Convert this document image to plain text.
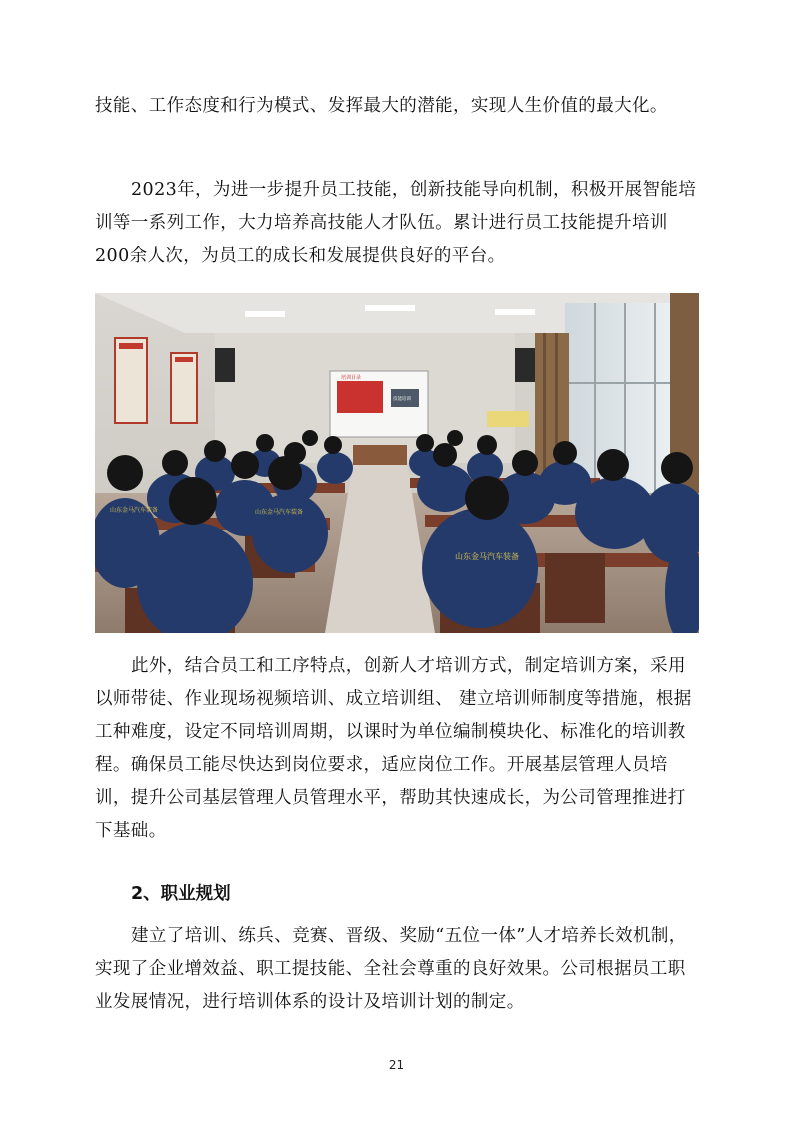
技能、工作态度和行为模式、发挥最大的潜能，实现人生价值的最大化。

2023年，为进一步提升员工技能，创新技能导向机制，积极开展智能培训等一系列工作，大力培养高技能人才队伍。累计进行员工技能提升培训200余人次，为员工的成长和发展提供良好的平台。

培训目录
技能培训
山东金马汽车装备
山东金马汽车装备
山东金马汽车装备

此外，结合员工和工序特点，创新人才培训方式，制定培训方案，采用以师带徒、作业现场视频培训、成立培训组、 建立培训师制度等措施，根据工种难度，设定不同培训周期，以课时为单位编制模块化、标准化的培训教程。确保员工能尽快达到岗位要求，适应岗位工作。开展基层管理人员培训，提升公司基层管理人员管理水平，帮助其快速成长，为公司管理推进打下基础。

2、职业规划

建立了培训、练兵、竞赛、晋级、奖励“五位一体”人才培养长效机制，实现了企业增效益、职工提技能、全社会尊重的良好效果。公司根据员工职业发展情况，进行培训体系的设计及培训计划的制定。

21
